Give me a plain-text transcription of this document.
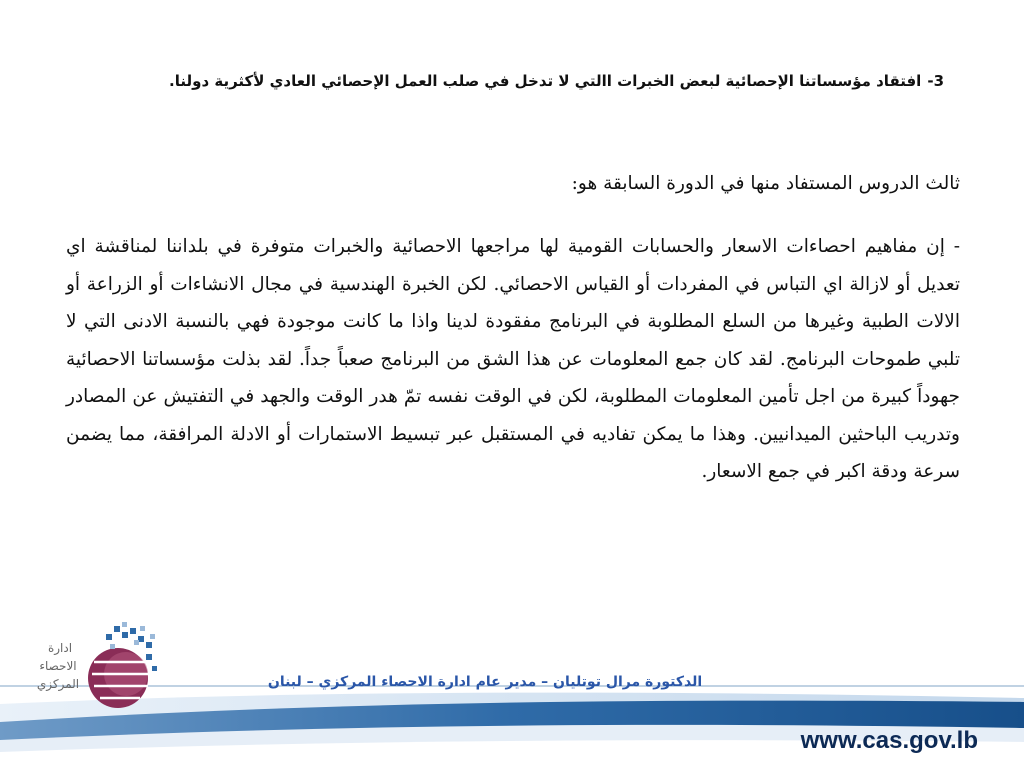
3-افتقاد مؤسساتنا الإحصائية لبعض الخبرات االتي لا تدخل في صلب العمل الإحصائي العادي لأكثرية دولنا.

ثالث الدروس المستفاد منها في الدورة السابقة هو:

- إن مفاهيم احصاءات الاسعار والحسابات القومية لها مراجعها الاحصائية والخبرات متوفرة في بلداننا لمناقشة اي تعديل أو لازالة اي التباس في المفردات أو القياس الاحصائي. لكن الخبرة الهندسية في مجال الانشاءات أو الزراعة أو الالات الطبية وغيرها من السلع المطلوبة في البرنامج مفقودة لدينا واذا ما كانت موجودة فهي بالنسبة الادنى التي لا تلبي طموحات البرنامج. لقد كان جمع المعلومات عن هذا الشق من البرنامج صعباً جداً. لقد بذلت مؤسساتنا الاحصائية جهوداً كبيرة من اجل تأمين المعلومات المطلوبة، لكن في الوقت نفسه تمّ هدر الوقت والجهد في التفتيش عن المصادر وتدريب الباحثين الميدانيين. وهذا ما يمكن تفاديه في المستقبل عبر تبسيط الاستمارات أو الادلة المرافقة، مما يضمن سرعة ودقة اكبر في جمع الاسعار.

ادارة
الاحصاء
المركزي	الدكتورة مرال توتليان – مدير عام ادارة الاحصاء المركزي – لبنان
www.cas.gov.lb
